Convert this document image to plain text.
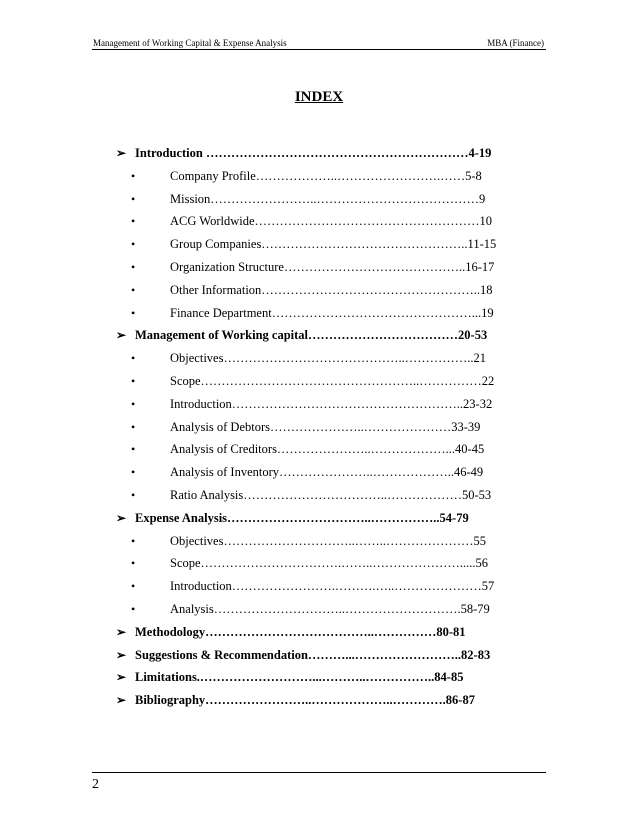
Management of Working Capital & Expense Analysis	MBA (Finance)
INDEX
➢ Introduction ………………………………………………………4-19
•	Company Profile………………..…………………….……5-8
•	Mission……………………..…………………………………9
•	ACG Worldwide………………………………………………10
•	Group Companies…………………………………………..11-15
•	Organization Structure……………………………………..16-17
•	Other Information……………………………………………..18
•	Finance Department…………………………………………...19
➢ Management of Working capital………………………………20-53
•	Objectives……………………………………..……………..21
•	Scope……………………………………………..……………22
•	Introduction………………………………………………..23-32
•	Analysis of Debtors…………………..…………………33-39
•	Analysis of Creditors…………………..………………...40-45
•	Analysis of Inventory…………………..………………..46-49
•	Ratio Analysis……………………………..………………50-53
➢ Expense Analysis……………………………..……………..54-79
•	Objectives…………………………..……..…………………55
•	Scope…………………………….……..………………….....56
•	Introduction…………………….……….…..…………………57
•	Analysis…………………………..……………………….58-79
➢ Methodology…………………………………..……………80-81
➢ Suggestions & Recommendation………...……………………..82-83
➢ Limitations.………………………...………..……………..84-85
➢ Bibliography……………………..………………..………….86-87
2
